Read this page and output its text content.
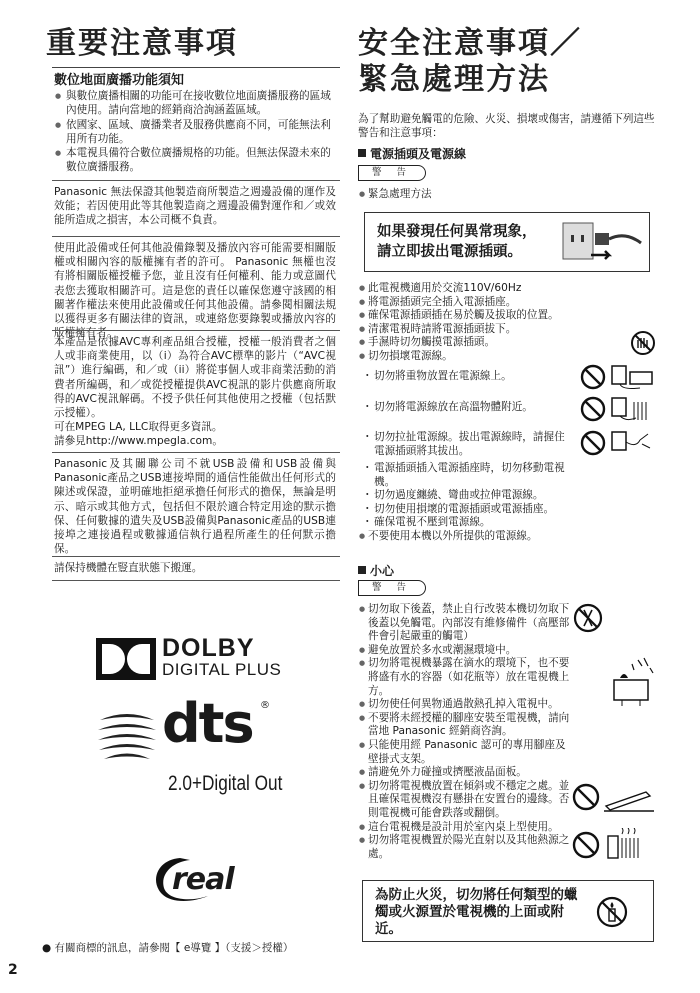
重要注意事項
數位地面廣播功能須知
● 與數位廣播相關的功能可在接收數位地面廣播服務的區域內使用。請向當地的經銷商洽詢涵蓋區域。
● 依國家、區域、廣播業者及服務供應商不同，可能無法利用所有功能。
● 本電視具備符合數位廣播規格的功能。但無法保證未來的數位廣播服務。

Panasonic 無法保證其他製造商所製造之週邊設備的運作及效能；若因使用此等其他製造商之週邊設備對運作和／或效能所造成之損害，本公司概不負責。

使用此設備或任何其他設備錄製及播放內容可能需要相關版權或相關內容的版權擁有者的許可。 Panasonic 無權也沒有將相關版權授權予您，並且沒有任何權利、能力或意圖代表您去獲取相關許可。這是您的責任以確保您遵守該國的相關著作權法來使用此設備或任何其他設備。請參閱相關法規以獲得更多有關法律的資訊，或連絡您要錄製或播放內容的版權擁有者。

本產品是依據AVC專利產品組合授權，授權一般消費者之個人或非商業使用，以（i）為符合AVC標準的影片（“AVC視訊”）進行編碼，和／或（ii）將從事個人或非商業活動的消費者所編碼，和／或從授權提供AVC視訊的影片供應商所取得的AVC視訊解碼。不授予供任何其他使用之授權（包括默示授權）。

可在MPEG LA, LLC取得更多資訊。

請參見http://www.mpegla.com。

Panasonic及其關聯公司不就USB設備和USB設備與Panasonic產品之USB連接埠間的通信性能做出任何形式的陳述或保證，並明確地拒絕承擔任何形式的擔保，無論是明示、暗示或其他方式，包括但不限於適合特定用途的默示擔保、任何數據的遺失及USB設備與Panasonic產品的USB連接埠之連接過程或數據通信執行過程所產生的任何默示擔保。

請保持機體在豎直狀態下搬運。

DOLBY
DIGITAL PLUS
dts ®
2.0+Digital Out
real
● 有關商標的訊息，請參閱【 e導覽 】（支援＞授權）
2
安全注意事項／
緊急處理方法

為了幫助避免觸電的危險、火災、損壞或傷害，請遵循下列這些警告和注意事項：

電源插頭及電源線
警 告
● 緊急處理方法
如果發現任何異常現象，
請立即拔出電源插頭。
● 此電視機適用於交流110V/60Hz
● 將電源插頭完全插入電源插座。
● 確保電源插頭插在易於觸及拔取的位置。
● 清潔電視時請將電源插頭拔下。
● 手濕時切勿觸摸電源插頭。
● 切勿損壞電源線。
・ 切勿將重物放置在電源線上。
・ 切勿將電源線放在高溫物體附近。
・ 切勿拉扯電源線。拔出電源線時，請握住電源插頭將其拔出。
・ 電源插頭插入電源插座時，切勿移動電視機。
・ 切勿過度纏繞、彎曲或拉伸電源線。
・ 切勿使用損壞的電源插頭或電源插座。
・ 確保電視不壓到電源線。
● 不要使用本機以外所提供的電源線。
小心
警 告
● 切勿取下後蓋，禁止自行改裝本機切勿取下後蓋以免觸電。內部沒有維修備件（高壓部件會引起嚴重的觸電）
● 避免放置於多水或潮濕環境中。
● 切勿將電視機暴露在滴水的環境下，也不要將盛有水的容器（如花瓶等）放在電視機上方。
● 切勿使任何異物通過散熱孔掉入電視中。
● 不要將未經授權的腳座安裝至電視機，請向當地 Panasonic 經銷商咨詢。
● 只能使用經 Panasonic 認可的專用腳座及壁掛式支架。
● 請避免外力碰撞或擠壓液晶面板。
● 切勿將電視機放置在傾斜或不穩定之處。並且確保電視機沒有懸掛在安置台的邊緣。否則電視機可能會跌落或翻倒。
● 這台電視機是設計用於室內桌上型使用。
● 切勿將電視機置於陽光直射以及其他熱源之處。
為防止火災，切勿將任何類型的蠟燭或火源置於電視機的上面或附近。
